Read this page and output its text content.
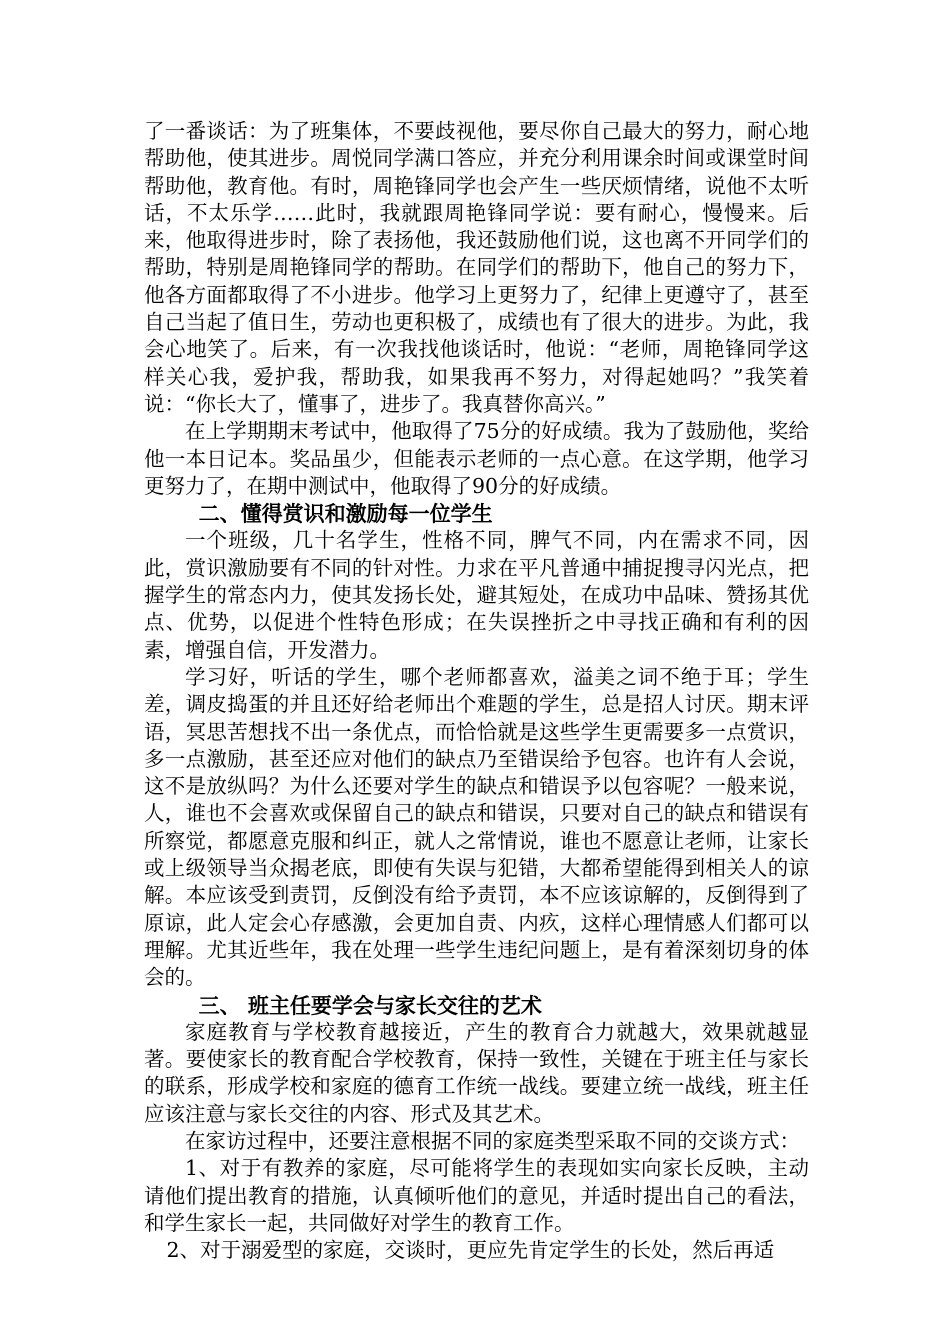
了一番谈话：为了班集体，不要歧视他，要尽你自己最大的努力，耐心地帮助他，使其进步。周悦同学满口答应，并充分利用课余时间或课堂时间帮助他，教育他。有时，周艳锋同学也会产生一些厌烦情绪，说他不太听话，不太乐学……此时，我就跟周艳锋同学说：要有耐心，慢慢来。后来，他取得进步时，除了表扬他，我还鼓励他们说，这也离不开同学们的帮助，特别是周艳锋同学的帮助。在同学们的帮助下，他自己的努力下，他各方面都取得了不小进步。他学习上更努力了，纪律上更遵守了，甚至自己当起了值日生，劳动也更积极了，成绩也有了很大的进步。为此，我会心地笑了。后来，有一次我找他谈话时，他说：“老师，周艳锋同学这样关心我，爱护我，帮助我，如果我再不努力，对得起她吗？”我笑着说：“你长大了，懂事了，进步了。我真替你高兴。”

在上学期期末考试中，他取得了75分的好成绩。我为了鼓励他，奖给他一本日记本。奖品虽少，但能表示老师的一点心意。在这学期，他学习更努力了，在期中测试中，他取得了90分的好成绩。

二、懂得赏识和激励每一位学生

一个班级，几十名学生，性格不同，脾气不同，内在需求不同，因此，赏识激励要有不同的针对性。力求在平凡普通中捕捉搜寻闪光点，把握学生的常态内力，使其发扬长处，避其短处，在成功中品味、赞扬其优点、优势，以促进个性特色形成；在失误挫折之中寻找正确和有利的因素，增强自信，开发潜力。

学习好，听话的学生，哪个老师都喜欢，溢美之词不绝于耳；学生差，调皮捣蛋的并且还好给老师出个难题的学生，总是招人讨厌。期末评语，冥思苦想找不出一条优点，而恰恰就是这些学生更需要多一点赏识，多一点激励，甚至还应对他们的缺点乃至错误给予包容。也许有人会说，这不是放纵吗？为什么还要对学生的缺点和错误予以包容呢？一般来说，人，谁也不会喜欢或保留自己的缺点和错误，只要对自己的缺点和错误有所察觉，都愿意克服和纠正，就人之常情说，谁也不愿意让老师，让家长或上级领导当众揭老底，即使有失误与犯错，大都希望能得到相关人的谅解。本应该受到责罚，反倒没有给予责罚，本不应该谅解的，反倒得到了原谅，此人定会心存感激，会更加自责、内疚，这样心理情感人们都可以理解。尤其近些年，我在处理一些学生违纪问题上，是有着深刻切身的体会的。

三、 班主任要学会与家长交往的艺术

家庭教育与学校教育越接近，产生的教育合力就越大，效果就越显著。要使家长的教育配合学校教育，保持一致性，关键在于班主任与家长的联系，形成学校和家庭的德育工作统一战线。要建立统一战线，班主任应该注意与家长交往的内容、形式及其艺术。

在家访过程中，还要注意根据不同的家庭类型采取不同的交谈方式：

1、对于有教养的家庭，尽可能将学生的表现如实向家长反映，主动请他们提出教育的措施，认真倾听他们的意见，并适时提出自己的看法，和学生家长一起，共同做好对学生的教育工作。

2、对于溺爱型的家庭，交谈时，更应先肯定学生的长处，然后再适
